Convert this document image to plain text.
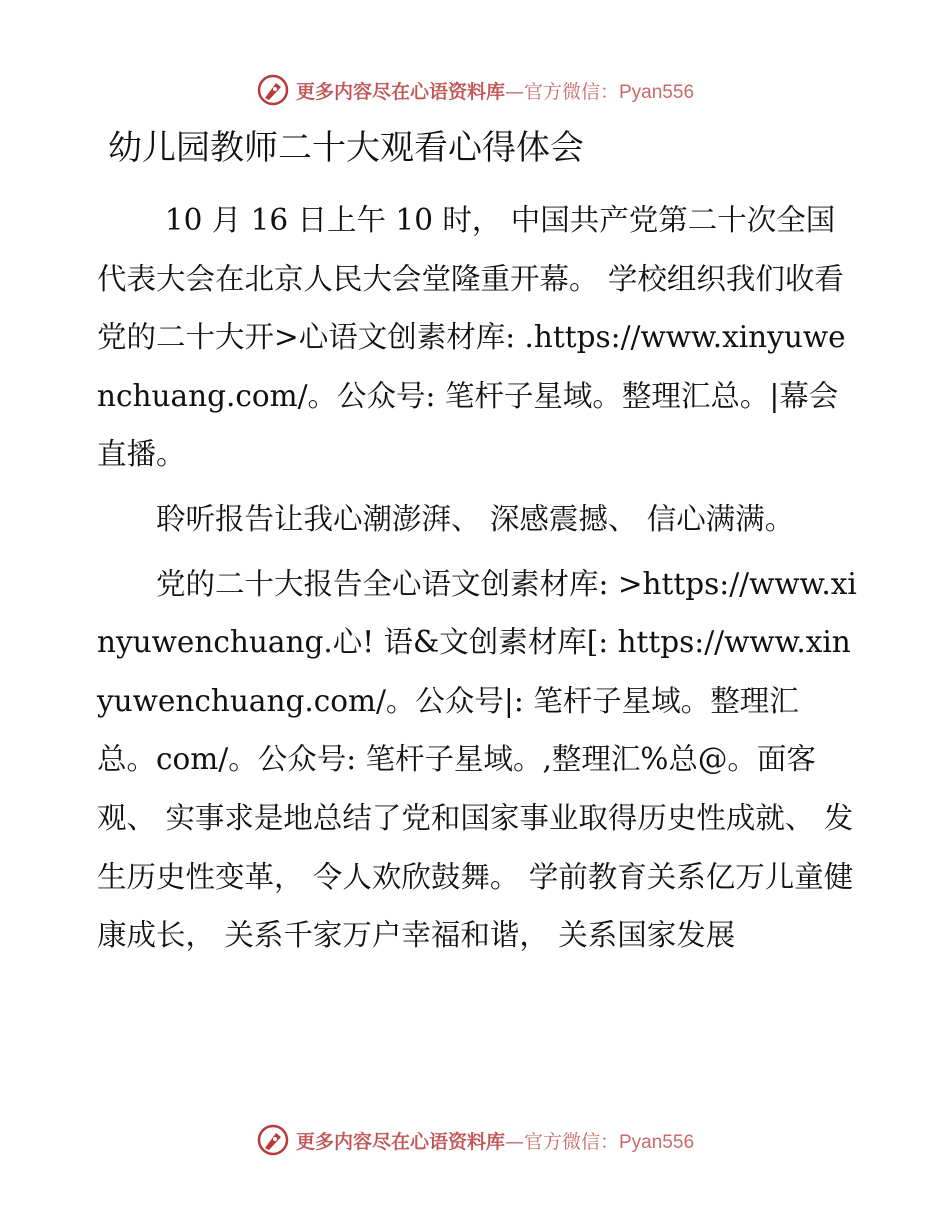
更多内容尽在心语资料库—官方微信：Pyan556
幼儿园教师二十大观看心得体会

10 月 16 日上午 10 时， 中国共产党第二十次全国代表大会在北京人民大会堂隆重开幕。 学校组织我们收看党的二十大开>心语文创素材库: .https://www.xinyuwenchuang.com/。公众号: 笔杆子星域。整理汇总。|幕会直播。

聆听报告让我心潮澎湃、 深感震撼、 信心满满。

党的二十大报告全心语文创素材库: >https://www.xinyuwenchuang.心! 语&文创素材库[: https://www.xinyuwenchuang.com/。公众号|: 笔杆子星域。整理汇总。com/。公众号: 笔杆子星域。,整理汇%总@。面客观、 实事求是地总结了党和国家事业取得历史性成就、 发生历史性变革， 令人欢欣鼓舞。 学前教育关系亿万儿童健康成长， 关系千家万户幸福和谐， 关系国家发展

更多内容尽在心语资料库—官方微信：Pyan556
